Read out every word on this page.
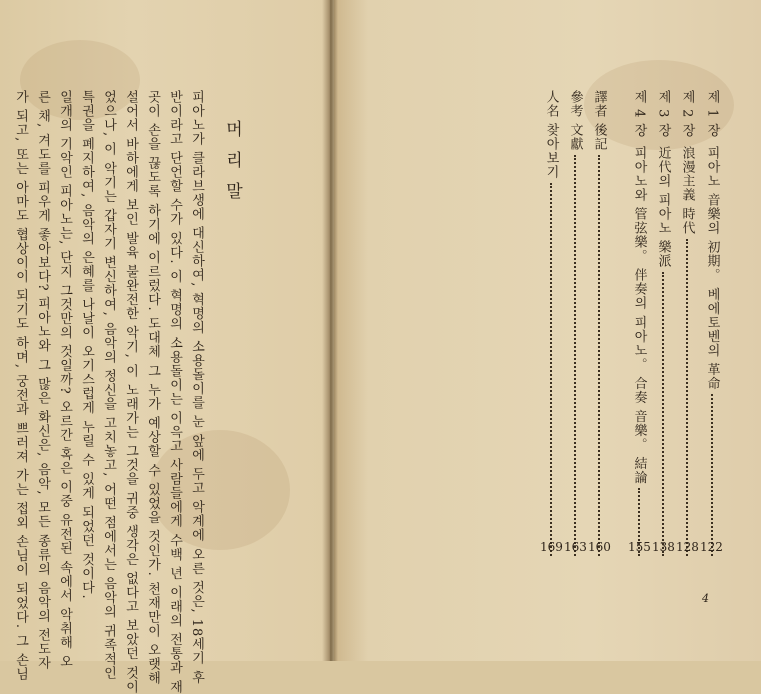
머리말
피아노가 클라브생에 대신하여, 혁명의 소용돌이를 눈 앞에 두고 악계에 오른 것은, 18세기 후
반이라고 단언할 수가 있다. 이 혁명의 소용돌이는 이윽고 사람들에게 수백 년 이래의 전통과 재
곳이 손을 끊도록 하기에 이르렀다. 도대체 그 누가 예상할 수 있었을 것인가. 천재만이 오랫해
설어서 바하에게 보인 발육 불완전한 악기, 이 노래가는 그것을 귀중 생각은 없다고 보았던 것이
었으나, 이 악기는 갑자기 변신하여, 음악의 정신을 고치놓고, 어떤 점에서는 음악의 귀족적인
특권을 폐지하여, 음악의 은혜를 나날이 오기스럽게 누릴 수 있게 되었던 것이다.
일개의 기악인 피아노는, 단지 그것만의 것일까? 오르간 혹은 이중 유전된 속에서 악취해 오
른 채, 겨도를 피우게 좋아보다? 피아노와 그 많은 화신은, 음악, 모든 종류의 음악의 전도자
가 되고, 또는 아마도 협상이이 되기도 하며, 궁전과 쁘러져 가는 접외 손님이 되었다. 그 손님	제 1 장
피아노 音樂의 初期。 베에토벤의 革命
제 2 장
浪漫主義 時代
제 3 장
近代의 피아노 樂派
제 4 장
피아노와 管弦樂。 伴奏의 피아노。 合奏 音樂。 結論
譯者 後記
參考 文獻
人名 찾아보기
122
128
138
155
160
163
169
4
